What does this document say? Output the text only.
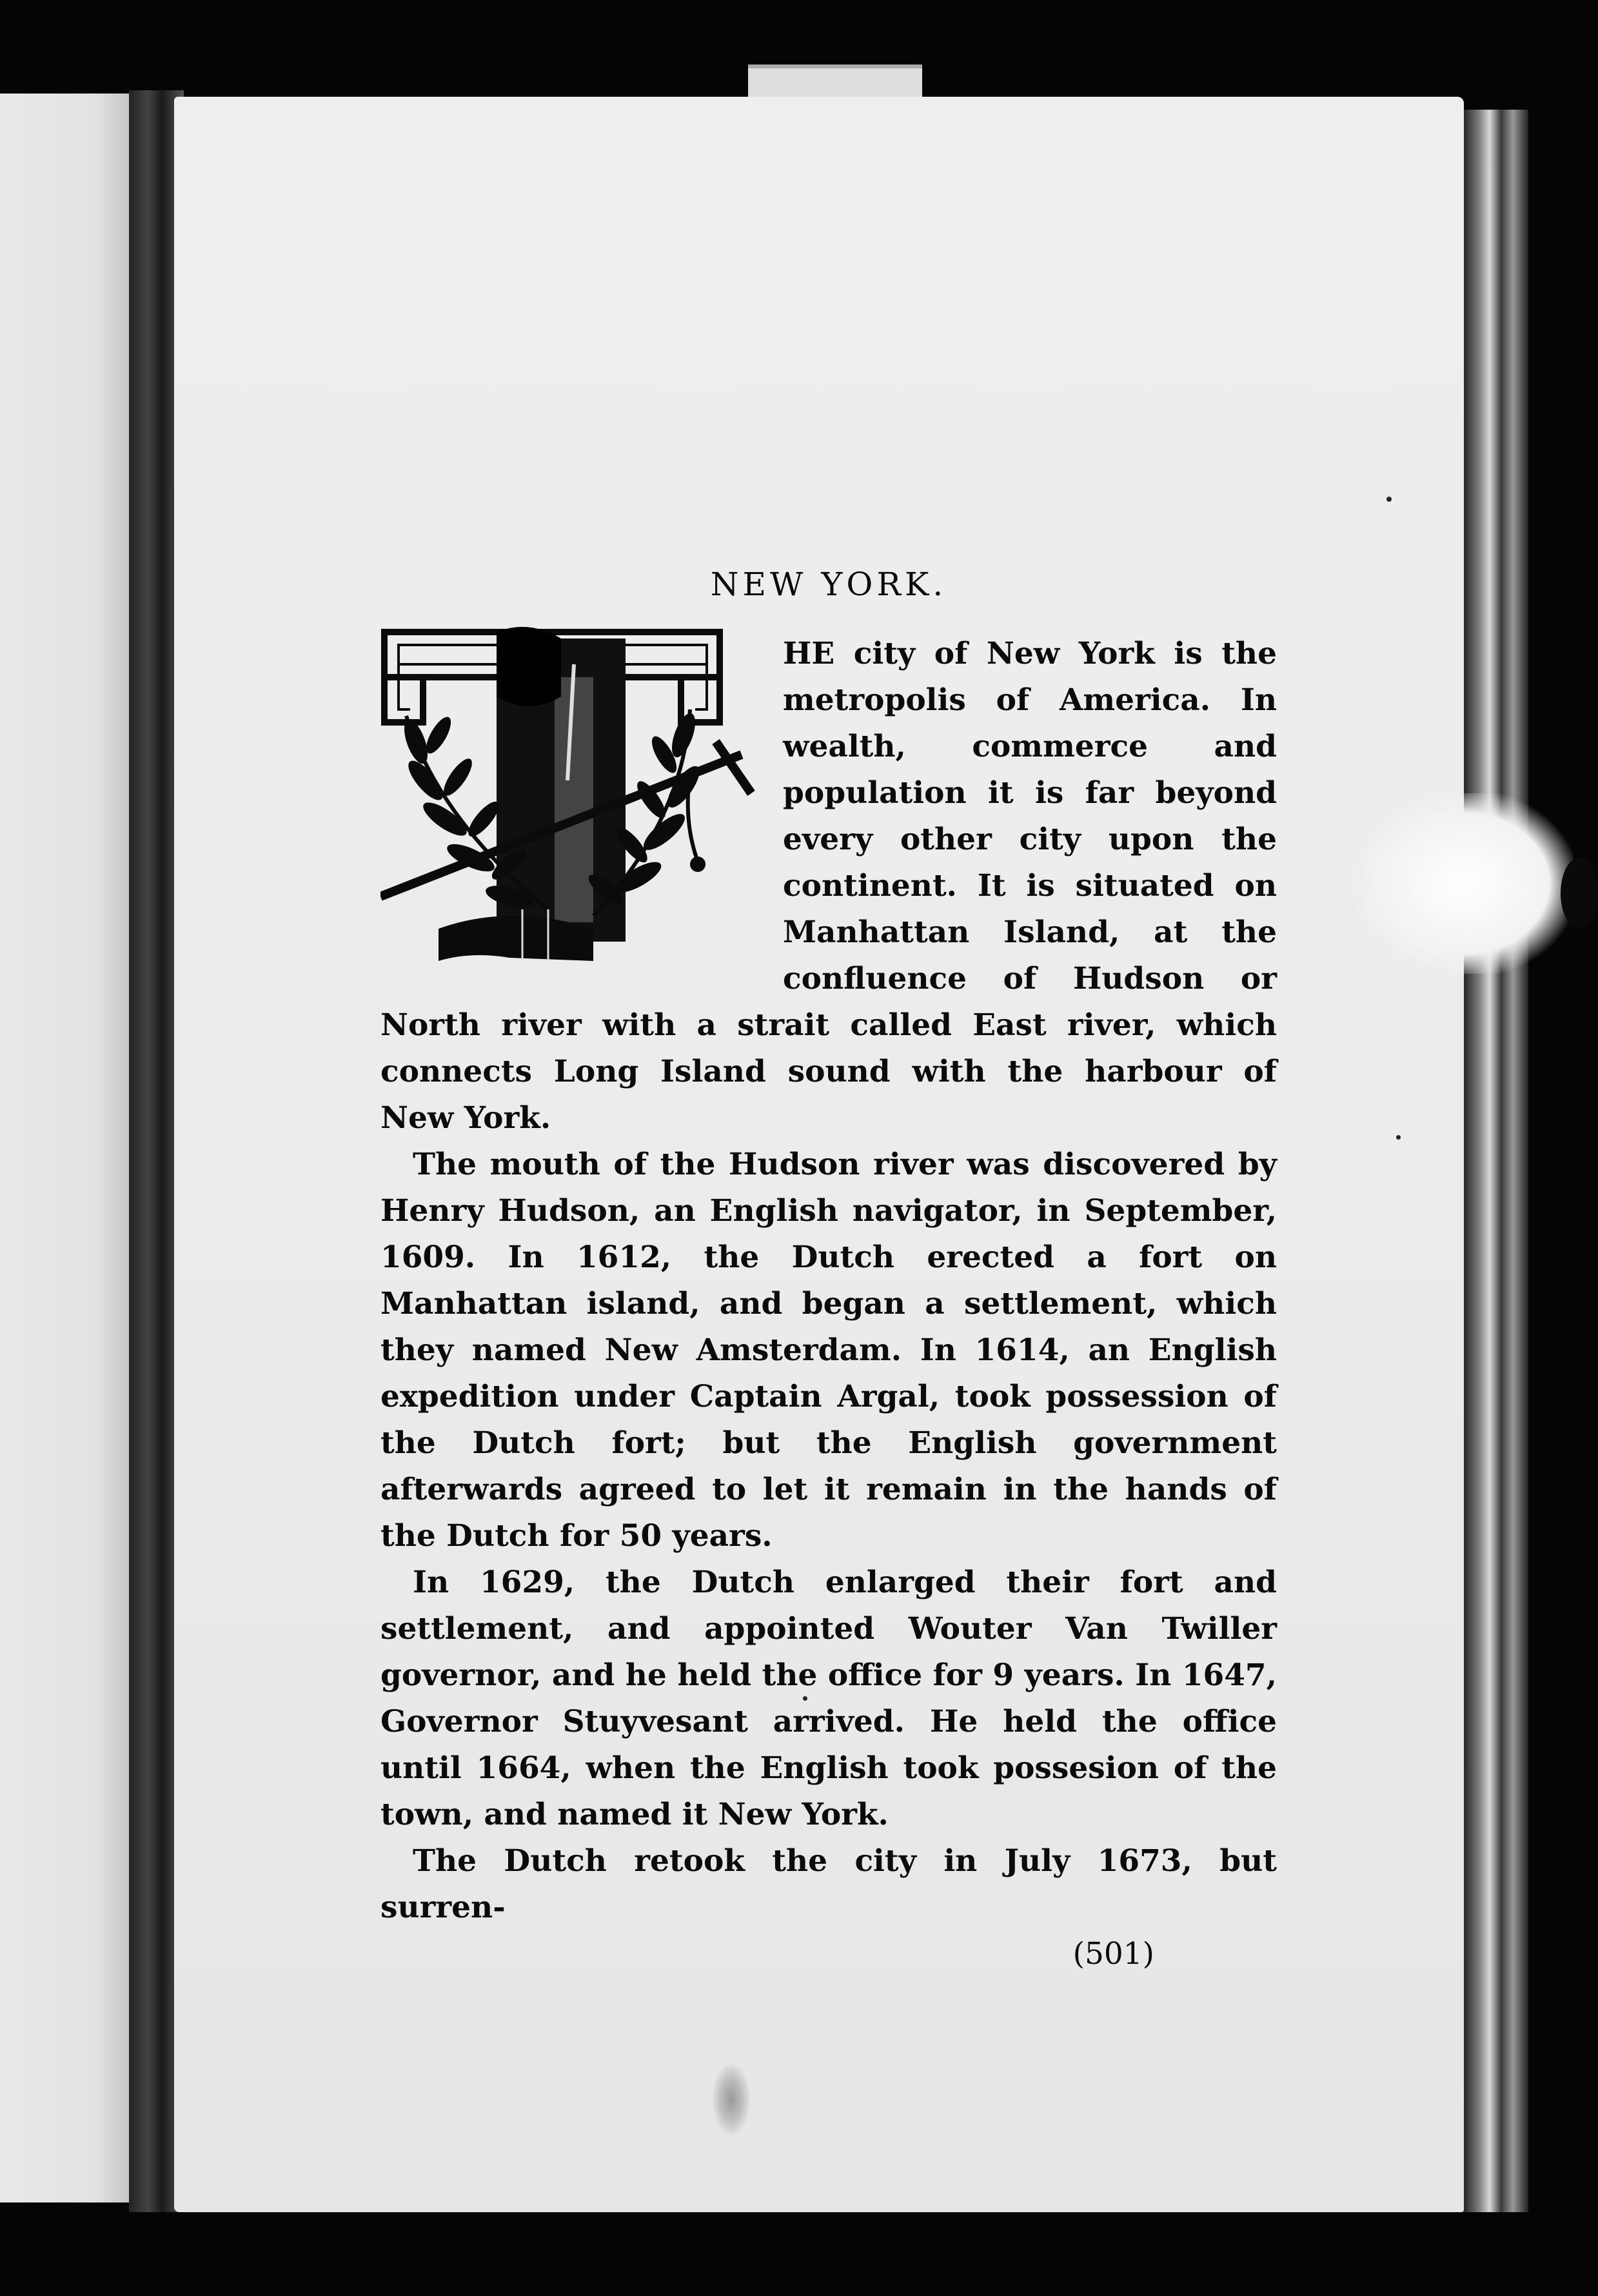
NEW YORK.

HE city of New York is the metropolis of America. In wealth, commerce and population it is far beyond every other city upon the continent. It is situated on Manhattan Island, at the confluence of Hudson or North river with a strait called East river, which connects Long Island sound with the harbour of New York.

The mouth of the Hudson river was discovered by Henry Hudson, an English navigator, in September, 1609. In 1612, the Dutch erected a fort on Manhattan island, and began a settlement, which they named New Amsterdam. In 1614, an English expedition under Captain Argal, took possession of the Dutch fort; but the English government afterwards agreed to let it remain in the hands of the Dutch for 50 years.

In 1629, the Dutch enlarged their fort and settlement, and appointed Wouter Van Twiller governor, and he held the office for 9 years. In 1647, Governor Stuyvesant arrived. He held the office until 1664, when the English took possesion of the town, and named it New York.

The Dutch retook the city in July 1673, but surren-

(501)
